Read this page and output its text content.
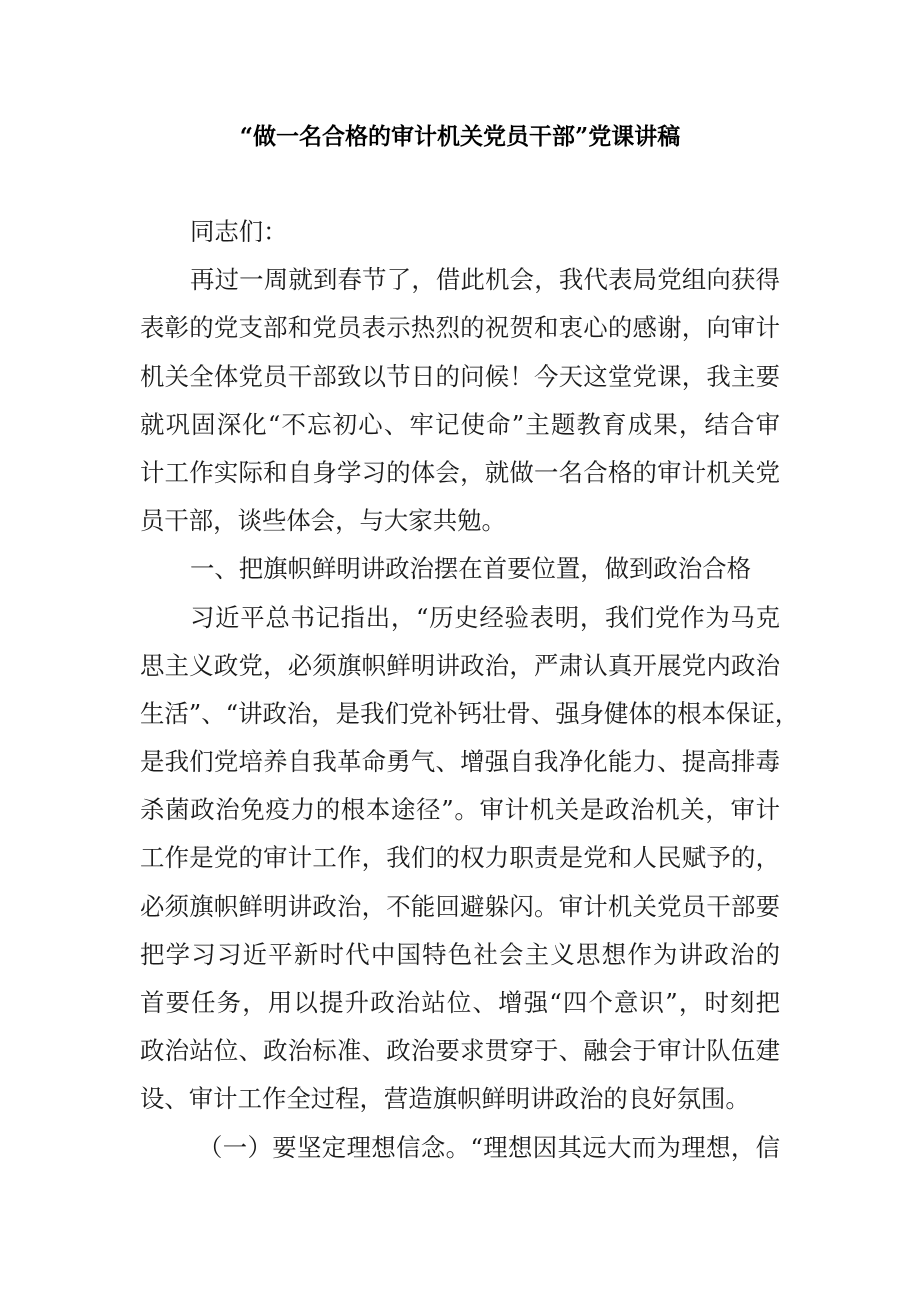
“做一名合格的审计机关党员干部”党课讲稿
同志们：
再过一周就到春节了，借此机会，我代表局党组向获得
表彰的党支部和党员表示热烈的祝贺和衷心的感谢，向审计
机关全体党员干部致以节日的问候！今天这堂党课，我主要
就巩固深化“不忘初心、牢记使命”主题教育成果，结合审
计工作实际和自身学习的体会，就做一名合格的审计机关党
员干部，谈些体会，与大家共勉。
一、把旗帜鲜明讲政治摆在首要位置，做到政治合格
习近平总书记指出，“历史经验表明，我们党作为马克
思主义政党，必须旗帜鲜明讲政治，严肃认真开展党内政治
生活”、“讲政治，是我们党补钙壮骨、强身健体的根本保证，
是我们党培养自我革命勇气、增强自我净化能力、提高排毒
杀菌政治免疫力的根本途径”。审计机关是政治机关，审计
工作是党的审计工作，我们的权力职责是党和人民赋予的，
必须旗帜鲜明讲政治，不能回避躲闪。审计机关党员干部要
把学习习近平新时代中国特色社会主义思想作为讲政治的
首要任务，用以提升政治站位、增强“四个意识”，时刻把
政治站位、政治标准、政治要求贯穿于、融会于审计队伍建
设、审计工作全过程，营造旗帜鲜明讲政治的良好氛围。
（一）要坚定理想信念。“理想因其远大而为理想，信
